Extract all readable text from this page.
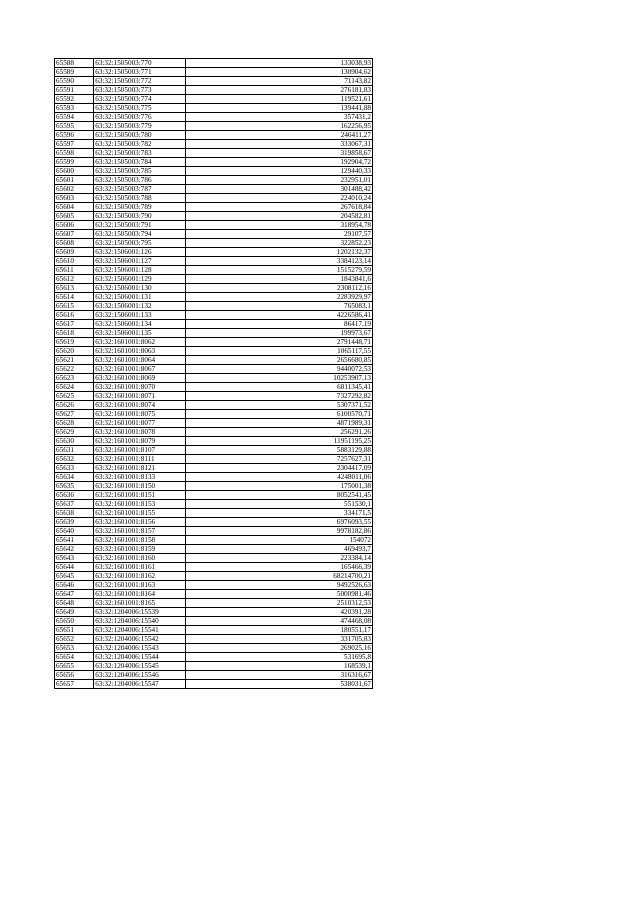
65588	63:32:1505003:770	133038,93
65589	63:32:1505003:771	130904,62
65590	63:32:1505003:772	71143,82
65591	63:32:1505003:773	276181,83
65592	63:32:1505003:774	119521,61
65593	63:32:1505003:775	139441,88
65594	63:32:1505003:776	357431,2
65595	63:32:1505003:779	162256,95
65596	63:32:1505003:780	246411,27
65597	63:32:1505003:782	333067,31
65598	63:32:1505003:783	319858,67
65599	63:32:1505003:784	192904,72
65600	63:32:1505003:785	129440,33
65601	63:32:1505003:786	232951,01
65602	63:32:1505003:787	301488,42
65603	63:32:1505003:788	224010,24
65604	63:32:1505003:789	267618,84
65605	63:32:1505003:790	204582,81
65606	63:32:1505003:791	318954,78
65607	63:32:1505003:794	29107,57
65608	63:32:1505003:795	322852,23
65609	63:32:1506001:126	1202132,37
65610	63:32:1506001:127	3384123,14
65611	63:32:1506001:128	1515279,59
65612	63:32:1506001:129	1843841,6
65613	63:32:1506001:130	2308112,16
65614	63:32:1506001:131	2283929,97
65615	63:32:1506001:132	765083,1
65616	63:32:1506001:133	4226586,41
65617	63:32:1506001:134	86417,19
65618	63:32:1506001:135	199973,67
65619	63:32:1601001:8062	2791448,71
65620	63:32:1601001:8063	1065117,55
65621	63:32:1601001:8064	2656680,85
65622	63:32:1601001:8067	9440072,53
65623	63:32:1601001:8069	10253907,13
65624	63:32:1601001:8070	6811345,41
65625	63:32:1601001:8071	7327292,82
65626	63:32:1601001:8074	5307371,52
65627	63:32:1601001:8075	6100570,71
65628	63:32:1601001:8077	4871989,31
65629	63:32:1601001:8078	256291,26
65630	63:32:1601001:8079	11951195,25
65631	63:32:1601001:8107	5883129,88
65632	63:32:1601001:8111	7257627,31
65633	63:32:1601001:8121	2304417,09
65634	63:32:1601001:8133	4248011,06
65635	63:32:1601001:8150	175001,38
65636	63:32:1601001:8151	8052541,45
65637	63:32:1601001:8153	551530,1
65638	63:32:1601001:8155	334171,5
65639	63:32:1601001:8156	6976093,55
65640	63:32:1601001:8157	9978182,86
65641	63:32:1601001:8158	154072
65642	63:32:1601001:8159	469493,7
65643	63:32:1601001:8160	223384,14
65644	63:32:1601001:8161	165466,39
65645	63:32:1601001:8162	68214700,21
65646	63:32:1601001:8163	9492526,63
65647	63:32:1601001:8164	5000981,46
65648	63:32:1601001:8165	2510312,53
65649	63:32:1204006:15539	420391,28
65650	63:32:1204006:15540	474468,08
65651	63:32:1204006:15541	180551,17
65652	63:32:1204006:15542	331705,83
65653	63:32:1204006:15543	269025,16
65654	63:32:1204006:15544	531695,8
65655	63:32:1204006:15545	168539,1
65656	63:32:1204006:15546	316316,67
65657	63:32:1204006:15547	538031,67
